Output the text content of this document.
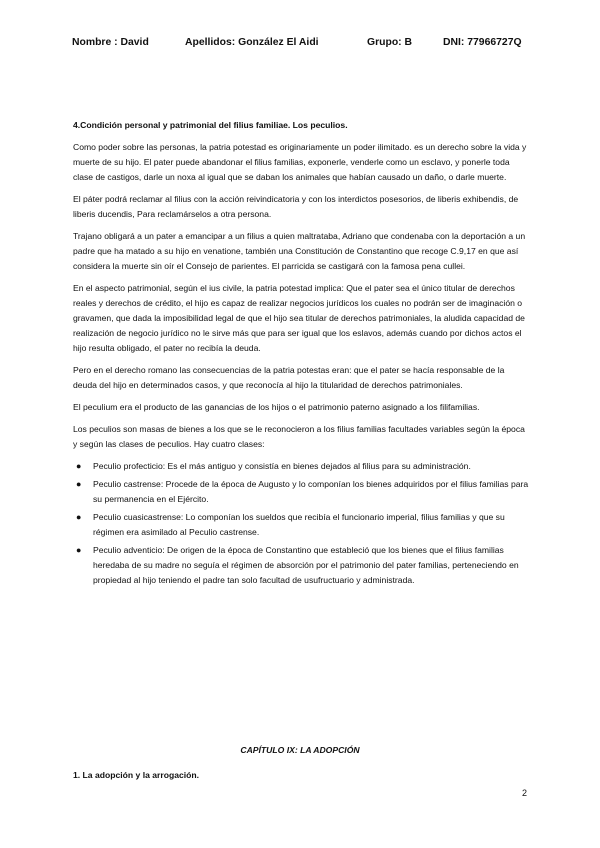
Nombre : David	Apellidos: González El Aidi	Grupo: B	DNI: 77966727Q

4.Condición personal y patrimonial del filius familiae. Los peculios.

Como poder sobre las personas, la patria potestad es originariamente un poder ilimitado. es un derecho sobre la vida y muerte de su hijo. El pater puede abandonar el filius familias, exponerle, venderle como un esclavo, y ponerle toda clase de castigos, darle un noxa al igual que se daban los animales que habían causado un daño, o darle muerte.

El páter podrá reclamar al filius con la acción reivindicatoria y con los interdictos posesorios, de liberis exhibendis, de liberis ducendis, Para reclamárselos a otra persona.

Trajano obligará a un pater a emancipar a un filius a quien maltrataba, Adriano que condenaba con la deportación a un padre que ha matado a su hijo en venatione, también una Constitución de Constantino que recoge C.9,17 en que así considera la muerte sin oír el Consejo de parientes. El parricida se castigará con la famosa pena cullei.

En el aspecto patrimonial, según el ius civile, la patria potestad implica: Que el pater sea el único titular de derechos reales y derechos de crédito, el hijo es capaz de realizar negocios jurídicos los cuales no podrán ser de imaginación o gravamen, que dada la imposibilidad legal de que el hijo sea titular de derechos patrimoniales, la aludida capacidad de realización de negocio jurídico no le sirve más que para ser igual que los eslavos, además cuando por dichos actos el hijo resulta obligado, el pater no recibía la deuda.

Pero en el derecho romano las consecuencias de la patria potestas eran: que el pater se hacía responsable de la deuda del hijo en determinados casos, y que reconocía al hijo la titularidad de derechos patrimoniales.

El peculium era el producto de las ganancias de los hijos o el patrimonio paterno asignado a los filifamilias.

Los peculios son masas de bienes a los que se le reconocieron a los filius familias facultades variables según la época y según las clases de peculios. Hay cuatro clases:

● Peculio profecticio: Es el más antiguo y consistía en bienes dejados al filius para su administración.
● Peculio castrense: Procede de la época de Augusto y lo componían los bienes adquiridos por el filius familias para su permanencia en el Ejército.
● Peculio cuasicastrense: Lo componían los sueldos que recibía el funcionario imperial, filius familias y que su régimen era asimilado al Peculio castrense.
● Peculio adventicio: De origen de la época de Constantino que estableció que los bienes que el filius familias heredaba de su madre no seguía el régimen de absorción por el patrimonio del pater familias, perteneciendo en propiedad al hijo teniendo el padre tan solo facultad de usufructuario y administrada.
CAPÍTULO IX: LA ADOPCIÓN
1. La adopción y la arrogación.
2
